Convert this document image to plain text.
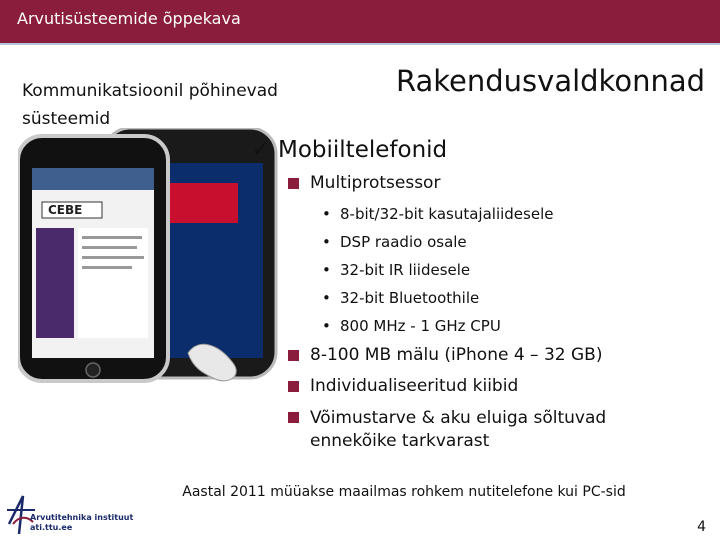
Arvutisüsteemide õppekava
Kommunikatsioonil põhinevad süsteemid
Rakendusvaldkonnad
CEBE
✓ Mobiiltelefonid
Multiprotsessor
• 8-bit/32-bit kasutajaliidesele
• DSP raadio osale
• 32-bit IR liidesele
• 32-bit Bluetoothile
• 800 MHz - 1 GHz CPU
8-100 MB mälu (iPhone 4 – 32 GB)
Individualiseeritud kiibid
Võimustarve & aku eluiga sõltuvad ennekõike tarkvarast
Aastal 2011 müüakse maailmas rohkem nutitelefone kui PC-sid
Arvutitehnika instituut
ati.ttu.ee	4
